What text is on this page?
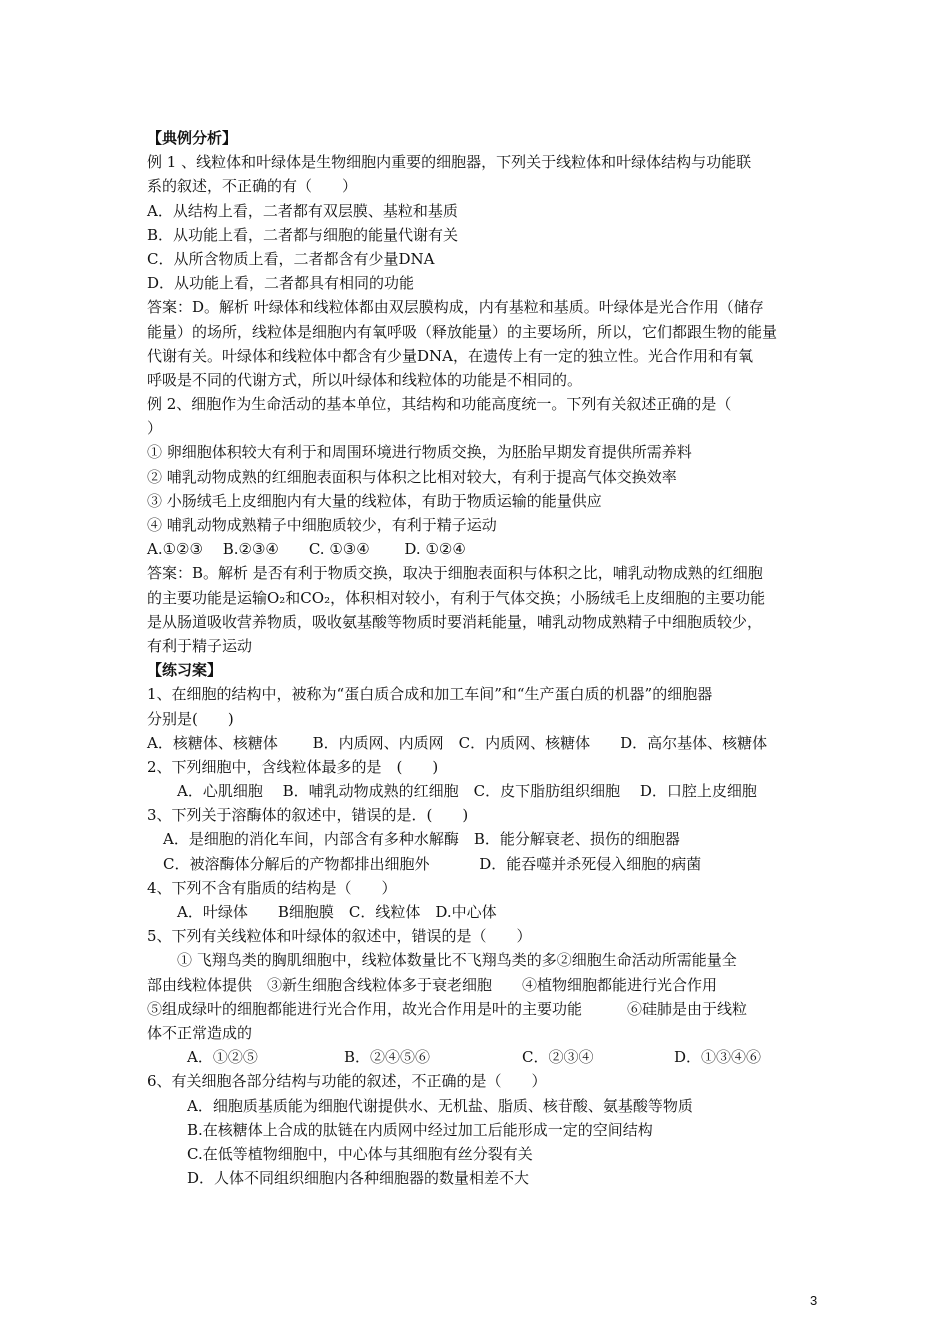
【典例分析】
例 1 、线粒体和叶绿体是生物细胞内重要的细胞器，下列关于线粒体和叶绿体结构与功能联
系的叙述，不正确的有（　　）
A．从结构上看，二者都有双层膜、基粒和基质
B．从功能上看，二者都与细胞的能量代谢有关
C．从所含物质上看，二者都含有少量DNA
D．从功能上看，二者都具有相同的功能
答案：D。解析 叶绿体和线粒体都由双层膜构成，内有基粒和基质。叶绿体是光合作用（储存
能量）的场所，线粒体是细胞内有氧呼吸（释放能量）的主要场所，所以，它们都跟生物的能量
代谢有关。叶绿体和线粒体中都含有少量DNA，在遗传上有一定的独立性。光合作用和有氧
呼吸是不同的代谢方式，所以叶绿体和线粒体的功能是不相同的。
例 2、细胞作为生命活动的基本单位，其结构和功能高度统一。下列有关叙述正确的是（
）
① 卵细胞体积较大有利于和周围环境进行物质交换，为胚胎早期发育提供所需养料
② 哺乳动物成熟的红细胞表面积与体积之比相对较大，有利于提高气体交换效率
③ 小肠绒毛上皮细胞内有大量的线粒体，有助于物质运输的能量供应
④ 哺乳动物成熟精子中细胞质较少，有利于精子运动
A.①②③　 B.②③④　　C. ①③④　　 D. ①②④
答案：B。解析 是否有利于物质交换，取决于细胞表面积与体积之比，哺乳动物成熟的红细胞
的主要功能是运输O₂和CO₂，体积相对较小，有利于气体交换；小肠绒毛上皮细胞的主要功能
是从肠道吸收营养物质，吸收氨基酸等物质时要消耗能量，哺乳动物成熟精子中细胞质较少，
有利于精子运动
【练习案】
1、在细胞的结构中，被称为“蛋白质合成和加工车间”和“生产蛋白质的机器”的细胞器
分别是(　　)
A．核糖体、核糖体　　 B．内质网、内质网　C．内质网、核糖体　　D．高尔基体、核糖体
2、下列细胞中，含线粒体最多的是　(　　)
A．心肌细胞　 B．哺乳动物成熟的红细胞　C．皮下脂肪组织细胞　 D．口腔上皮细胞
3、下列关于溶酶体的叙述中，错误的是．(　　)
A．是细胞的消化车间，内部含有多种水解酶　B．能分解衰老、损伤的细胞器
C．被溶酶体分解后的产物都排出细胞外　　　 D．能吞噬并杀死侵入细胞的病菌
4、下列不含有脂质的结构是（　　）
A．叶绿体　　B细胞膜　C．线粒体　D.中心体
5、下列有关线粒体和叶绿体的叙述中，错误的是（　　）
① 飞翔鸟类的胸肌细胞中，线粒体数量比不飞翔鸟类的多②细胞生命活动所需能量全
部由线粒体提供　③新生细胞含线粒体多于衰老细胞　　④植物细胞都能进行光合作用
⑤组成绿叶的细胞都能进行光合作用，故光合作用是叶的主要功能　　　⑥硅肺是由于线粒
体不正常造成的
A．①②⑤	B．②④⑤⑥	C．②③④	D．①③④⑥
6、有关细胞各部分结构与功能的叙述，不正确的是（　　）
A．细胞质基质能为细胞代谢提供水、无机盐、脂质、核苷酸、氨基酸等物质
B.在核糖体上合成的肽链在内质网中经过加工后能形成一定的空间结构
C.在低等植物细胞中，中心体与其细胞有丝分裂有关
D．人体不同组织细胞内各种细胞器的数量相差不大
3
